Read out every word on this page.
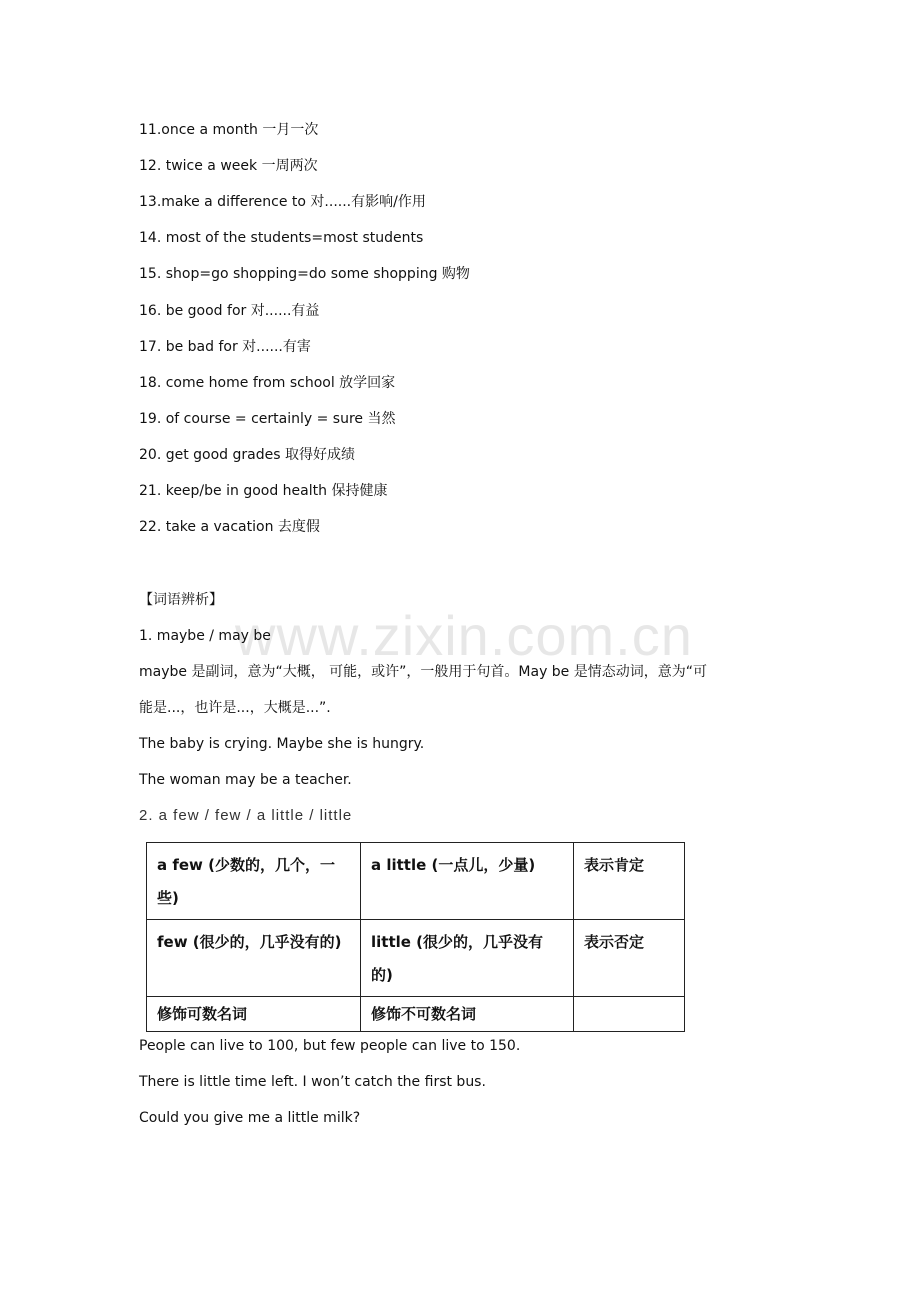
11.once a month 一月一次
12. twice a week 一周两次
13.make a difference to 对......有影响/作用
14. most of the students=most students
15. shop=go shopping=do some shopping 购物
16. be good for 对......有益
17. be bad for 对......有害
18. come home from school 放学回家
19. of course = certainly = sure 当然
20. get good grades 取得好成绩
21. keep/be in good health 保持健康
22. take a vacation 去度假
【词语辨析】
www.zixin.com.cn
1. maybe / may be
maybe 是副词，意为“大概， 可能，或许”，一般用于句首。May be 是情态动词，意为“可
能是...，也许是...，大概是...”.
The baby is crying. Maybe she is hungry.
The woman may be a teacher.
2. a few / few / a little / little
a few (少数的，几个，一些)	a little (一点儿，少量)	表示肯定
few (很少的，几乎没有的)	little (很少的，几乎没有的)	表示否定
修饰可数名词	修饰不可数名词	
People can live to 100, but few people can live to 150.
There is little time left. I won’t catch the first bus.
Could you give me a little milk?
